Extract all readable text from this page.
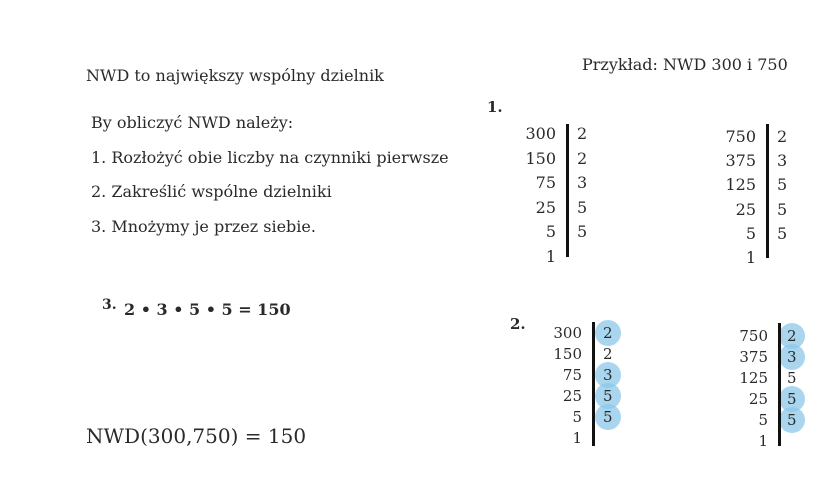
NWD to największy wspólny dzielnik
By obliczyć NWD należy:
1. Rozłożyć obie liczby na czynniki pierwsze
2. Zakreślić wspólne dzielniki
3. Mnożymy je przez siebie.
3. 2 • 3 • 5 • 5 = 150
NWD(300,750) = 150
Przykład: NWD 300 i 750
1.
2.
300
150
75
25
5
1
2
2
3
5
5
750
375
125
25
5
1
2
3
5
5
5
300
150
75
25
5
1
2
2
3
5
5
750
375
125
25
5
1
2
3
5
5
5
